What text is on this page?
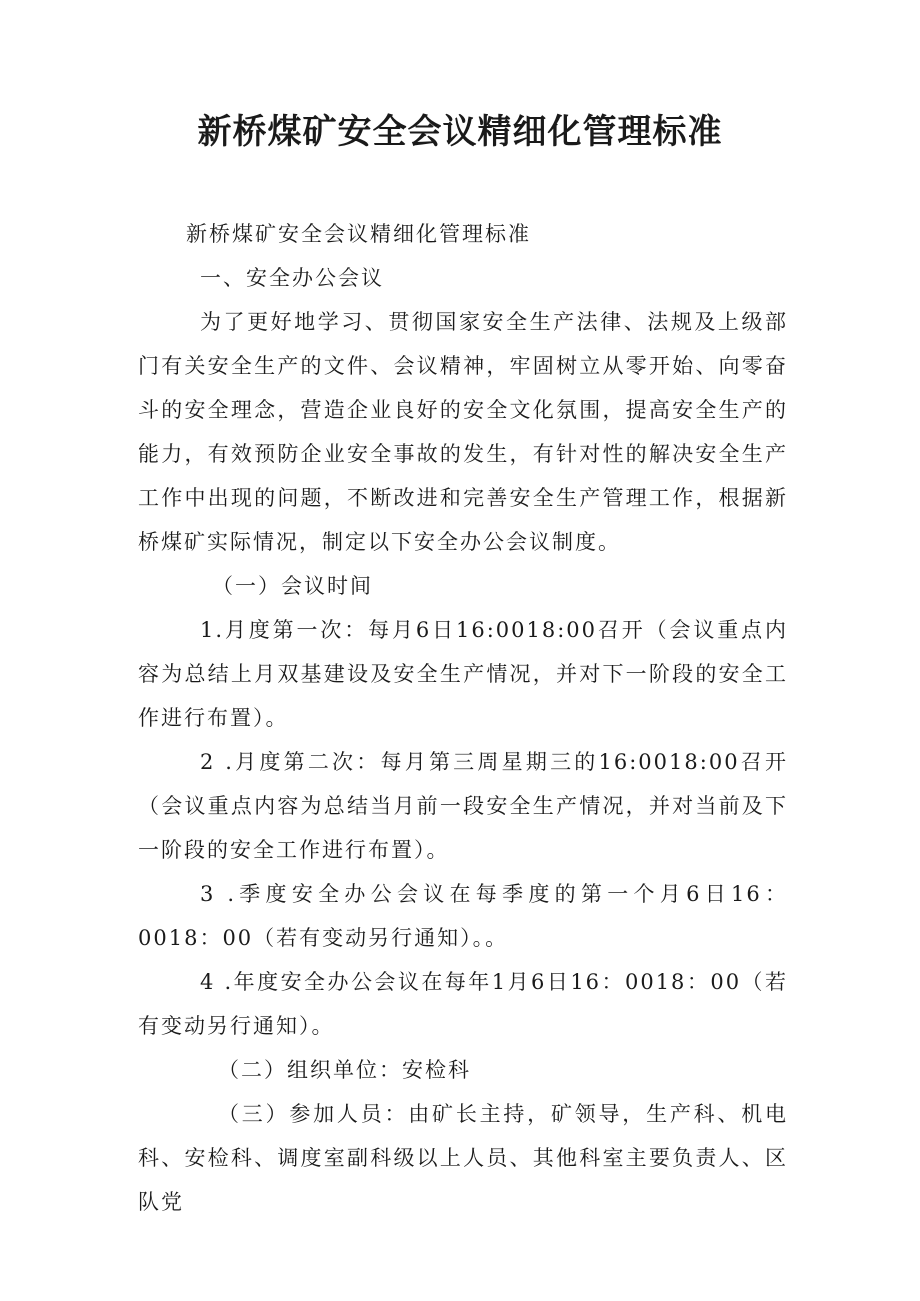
新桥煤矿安全会议精细化管理标准

新桥煤矿安全会议精细化管理标准

一、安全办公会议

为了更好地学习、贯彻国家安全生产法律、法规及上级部门有关安全生产的文件、会议精神，牢固树立从零开始、向零奋斗的安全理念，营造企业良好的安全文化氛围，提高安全生产的能力，有效预防企业安全事故的发生，有针对性的解决安全生产工作中出现的问题，不断改进和完善安全生产管理工作，根据新桥煤矿实际情况，制定以下安全办公会议制度。

（一）会议时间

1.月度第一次：每月6日16:0018:00召开（会议重点内容为总结上月双基建设及安全生产情况，并对下一阶段的安全工作进行布置）。

2 .月度第二次：每月第三周星期三的16:0018:00召开（会议重点内容为总结当月前一段安全生产情况，并对当前及下一阶段的安全工作进行布置）。

3 .季度安全办公会议在每季度的第一个月6日16：0018：00（若有变动另行通知）。。

4 .年度安全办公会议在每年1月6日16：0018：00（若有变动另行通知）。

（二）组织单位：安检科

（三）参加人员：由矿长主持，矿领导，生产科、机电科、安检科、调度室副科级以上人员、其他科室主要负责人、区队党
